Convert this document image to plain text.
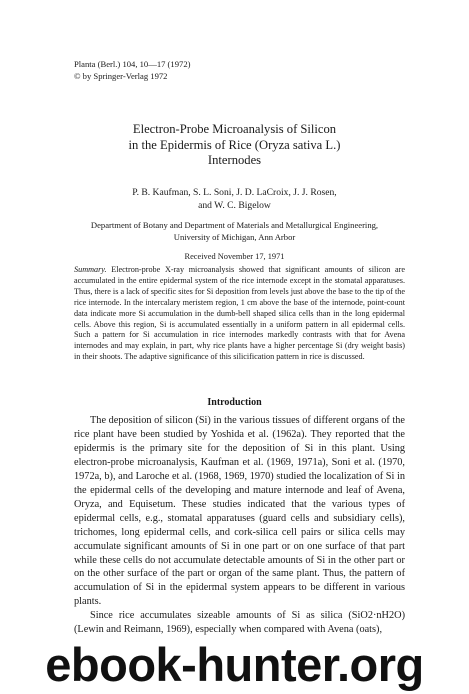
Planta (Berl.) 104, 10—17 (1972)
© by Springer-Verlag 1972
Electron-Probe Microanalysis of Silicon
in the Epidermis of Rice (Oryza sativa L.)
Internodes
P. B. Kaufman, S. L. Soni, J. D. LaCroix, J. J. Rosen,
and W. C. Bigelow
Department of Botany and Department of Materials and Metallurgical Engineering,
University of Michigan, Ann Arbor
Received November 17, 1971
Summary. Electron-probe X-ray microanalysis showed that significant amounts of silicon are accumulated in the entire epidermal system of the rice internode except in the stomatal apparatuses. Thus, there is a lack of specific sites for Si deposition from levels just above the base to the tip of the rice internode. In the intercalary meristem region, 1 cm above the base of the internode, point-count data indicate more Si accumulation in the dumb-bell shaped silica cells than in the long epidermal cells. Above this region, Si is accumulated essentially in a uniform pattern in all epidermal cells. Such a pattern for Si accumulation in rice internodes markedly contrasts with that for Avena internodes and may explain, in part, why rice plants have a higher percentage Si (dry weight basis) in their shoots. The adaptive significance of this silicification pattern in rice is discussed.
Introduction

The deposition of silicon (Si) in the various tissues of different organs of the rice plant have been studied by Yoshida et al. (1962a). They reported that the epidermis is the primary site for the deposition of Si in this plant. Using electron-probe microanalysis, Kaufman et al. (1969, 1971a), Soni et al. (1970, 1972a, b), and Laroche et al. (1968, 1969, 1970) studied the localization of Si in the epidermal cells of the developing and mature internode and leaf of Avena, Oryza, and Equisetum. These studies indicated that the various types of epidermal cells, e.g., stomatal apparatuses (guard cells and subsidiary cells), trichomes, long epidermal cells, and cork-silica cell pairs or silica cells may accumulate significant amounts of Si in one part or on one surface of that part while these cells do not accumulate detectable amounts of Si in the other part or on the other surface of the part or organ of the same plant. Thus, the pattern of accumulation of Si in the epidermal system appears to be different in various plants.

Since rice accumulates sizeable amounts of Si as silica (SiO2·nH2O) (Lewin and Reimann, 1969), especially when compared with Avena (oats),

ebook-hunter.org
